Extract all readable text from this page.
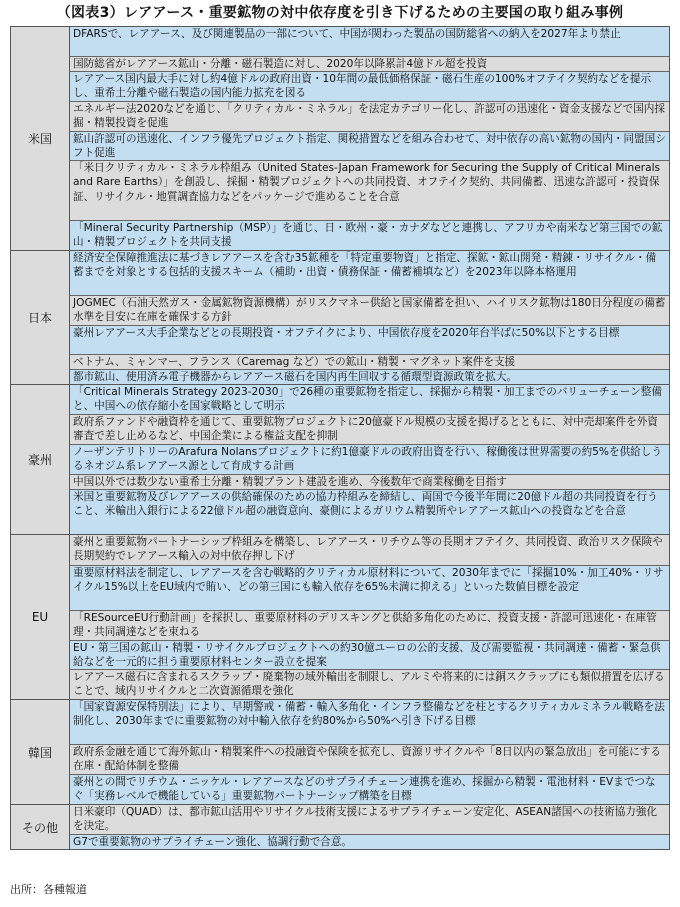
（図表3）レアアース・重要鉱物の対中依存度を引き下げるための主要国の取り組み事例
米国
DFARSで、レアアース、及び関連製品の一部について、中国が関わった製品の国防総省への納入を2027年より禁止
国防総省がレアアース鉱山・分離・磁石製造に対し、2020年以降累計4億ドル超を投資
レアアース国内最大手に対し約4億ドルの政府出資・10年間の最低価格保証・磁石生産の100%オフテイク契約などを提示し、重希土分離や磁石製造の国内能力拡充を図る
エネルギー法2020などを通じ、「クリティカル・ミネラル」を法定カテゴリー化し、許認可の迅速化・資金支援などで国内採掘・精製投資を促進
鉱山許認可の迅速化、インフラ優先プロジェクト指定、関税措置などを組み合わせて、対中依存の高い鉱物の国内・同盟国シフト促進
「米日クリティカル・ミネラル枠組み（United States-Japan Framework for Securing the Supply of Critical Minerals and Rare Earths）」を創設し、採掘・精製プロジェクトへの共同投資、オフテイク契約、共同備蓄、迅速な許認可・投資保証、リサイクル・地質調査協力などをパッケージで進めることを合意
「Mineral Security Partnership（MSP）」を通じ、日・欧州・豪・カナダなどと連携し、アフリカや南米など第三国での鉱山・精製プロジェクトを共同支援
日本
経済安全保障推進法に基づきレアアースを含む35鉱種を「特定重要物資」と指定、探鉱・鉱山開発・精錬・リサイクル・備蓄までを対象とする包括的支援スキーム（補助・出資・債務保証・備蓄補填など）を2023年以降本格運用
JOGMEC（石油天然ガス・金属鉱物資源機構）がリスクマネー供給と国家備蓄を担い、ハイリスク鉱物は180日分程度の備蓄水準を目安に在庫を確保する方針
豪州レアアース大手企業などとの長期投資・オフテイクにより、中国依存度を2020年台半ばに50%以下とする目標
ベトナム、ミャンマー、フランス（Caremag など）での鉱山・精製・マグネット案件を支援
都市鉱山、使用済み電子機器からレアアース磁石を国内再生回収する循環型資源政策を拡大。
豪州
「Critical Minerals Strategy 2023-2030」で26種の重要鉱物を指定し、採掘から精製・加工までのバリューチェーン整備と、中国への依存縮小を国家戦略として明示
政府系ファンドや融資枠を通じて、重要鉱物プロジェクトに20億豪ドル規模の支援を掲げるとともに、対中売却案件を外資審査で差し止めるなど、中国企業による権益支配を抑制
ノーザンテリトリーのArafura Nolansプロジェクトに約1億豪ドルの政府出資を行い、稼働後は世界需要の約5%を供給しうるネオジム系レアアース源として育成する計画
中国以外では数少ない重希土分離・精製プラント建設を進め、今後数年で商業稼働を目指す
米国と重要鉱物及びレアアースの供給確保のための協力枠組みを締結し、両国で今後半年間に20億ドル超の共同投資を行うこと、米輸出入銀行による22億ドル超の融資意向、豪側によるガリウム精製所やレアアース鉱山への投資などを合意
EU
豪州と重要鉱物パートナーシップ枠組みを構築し、レアアース・リチウム等の長期オフテイク、共同投資、政治リスク保険や長期契約でレアアース輸入の対中依存押し下げ
重要原材料法を制定し、レアアースを含む戦略的クリティカル原材料について、2030年までに「採掘10%・加工40%・リサイクル15%以上をEU域内で賄い、どの第三国にも輸入依存を65%未満に抑える」といった数値目標を設定
「RESourceEU行動計画」を採択し、重要原材料のデリスキングと供給多角化のために、投資支援・許認可迅速化・在庫管理・共同調達などを束ねる
EU・第三国の鉱山・精製・リサイクルプロジェクトへの約30億ユーロの公的支援、及び需要監視・共同調達・備蓄・緊急供給などを一元的に担う重要原材料センター設立を提案
レアアース磁石に含まれるスクラップ・廃棄物の域外輸出を制限し、アルミや将来的には銅スクラップにも類似措置を広げることで、域内リサイクルと二次資源循環を強化
韓国
「国家資源安保特別法」により、早期警戒・備蓄・輸入多角化・インフラ整備などを柱とするクリティカルミネラル戦略を法制化し、2030年までに重要鉱物の対中輸入依存を約80%から50%へ引き下げる目標
政府系金融を通じて海外鉱山・精製案件への投融資や保険を拡充し、資源リサイクルや「8日以内の緊急放出」を可能にする在庫・配給体制を整備
豪州との間でリチウム・ニッケル・レアアースなどのサプライチェーン連携を進め、採掘から精製・電池材料・EVまでつなぐ「実務レベルで機能している」重要鉱物パートナーシップ構築を目標
その他
日米豪印（QUAD）は、都市鉱山活用やリサイクル技術支援によるサプライチェーン安定化、ASEAN諸国への技術協力強化を決定。
G7で重要鉱物のサプライチェーン強化、協調行動で合意。
出所：各種報道
